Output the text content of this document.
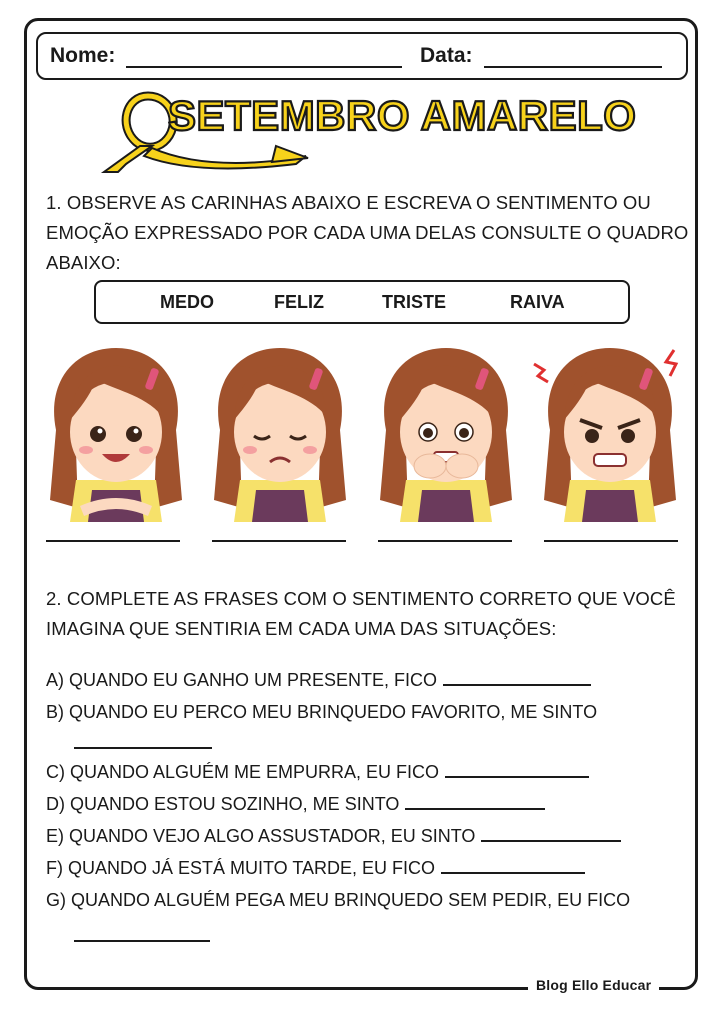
Blog Ello Educar
Nome:	Data:
SETEMBRO AMARELO
1. OBSERVE AS CARINHAS ABAIXO E ESCREVA O SENTIMENTO OU
EMOÇÃO EXPRESSADO POR CADA UMA DELAS CONSULTE O QUADRO
ABAIXO:
MEDO	FELIZ	TRISTE	RAIVA
2. COMPLETE AS FRASES COM O SENTIMENTO CORRETO QUE VOCÊ
IMAGINA QUE SENTIRIA EM CADA UMA DAS SITUAÇÕES:
A) QUANDO EU GANHO UM PRESENTE, FICO
B) QUANDO EU PERCO MEU BRINQUEDO FAVORITO, ME SINTO
C) QUANDO ALGUÉM ME EMPURRA, EU FICO
D) QUANDO ESTOU SOZINHO, ME SINTO
E) QUANDO VEJO ALGO ASSUSTADOR, EU SINTO
F) QUANDO JÁ ESTÁ MUITO TARDE, EU FICO
G) QUANDO ALGUÉM PEGA MEU BRINQUEDO SEM PEDIR, EU FICO
